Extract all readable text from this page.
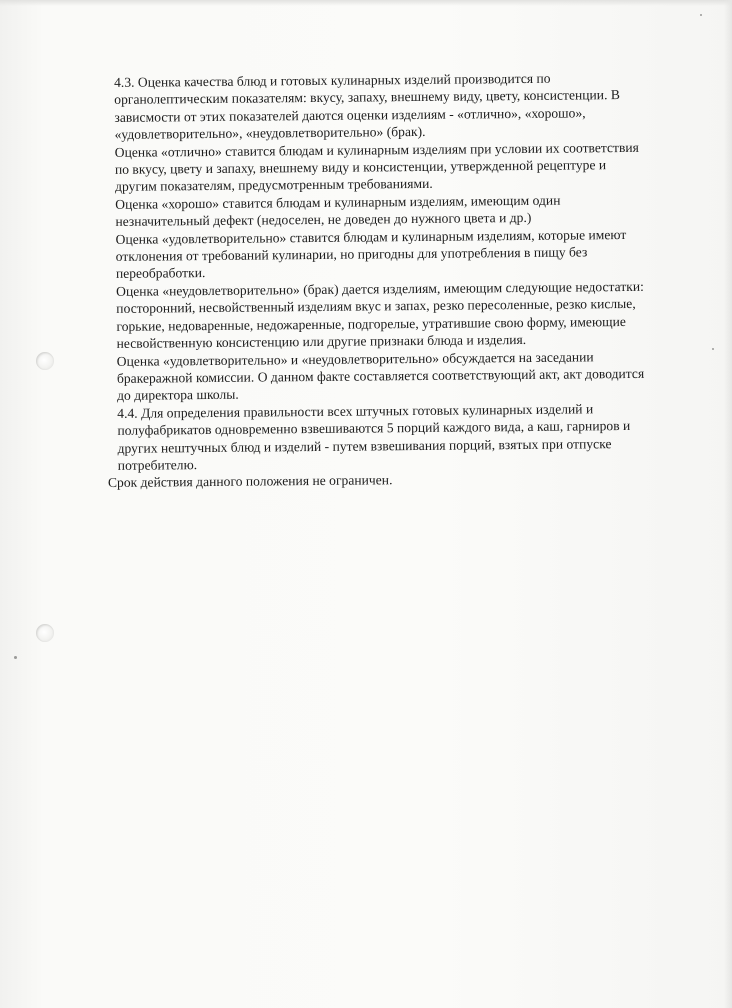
4.3. Оценка качества блюд и готовых кулинарных изделий производится по
органолептическим показателям: вкусу, запаху, внешнему виду, цвету, консистенции. В
зависмости от этих показателей даются оценки изделиям - «отлично», «хорошо»,
«удовлетворительно», «неудовлетворительно» (брак).
Оценка «отлично» ставится блюдам и кулинарным изделиям при условии их соответствия
по вкусу, цвету и запаху, внешнему виду и консистенции, утвержденной рецептуре и
другим показателям, предусмотренным требованиями.
Оценка «хорошо» ставится блюдам и кулинарным изделиям, имеющим один
незначительный дефект (недоселен, не доведен до нужного цвета и др.)
Оценка «удовлетворительно» ставится блюдам и кулинарным изделиям, которые имеют
отклонения от требований кулинарии, но пригодны для употребления в пищу без
переобработки.
Оценка «неудовлетворительно» (брак) дается изделиям, имеющим следующие недостатки:
посторонний, несвойственный изделиям вкус и запах, резко пересоленные, резко кислые,
горькие, недоваренные, недожаренные, подгорелые, утратившие свою форму, имеющие
несвойственную консистенцию или другие признаки блюда и изделия.
Оценка «удовлетворительно» и «неудовлетворительно» обсуждается на заседании
бракеражной комиссии. О данном факте составляется соответствующий акт, акт доводится
до директора школы.
4.4. Для определения правильности всех штучных готовых кулинарных изделий и
полуфабрикатов одновременно взвешиваются 5 порций каждого вида, а каш, гарниров и
других нештучных блюд и изделий - путем взвешивания порций, взятых при отпуске
потребителю.
Срок действия данного положения не ограничен.
